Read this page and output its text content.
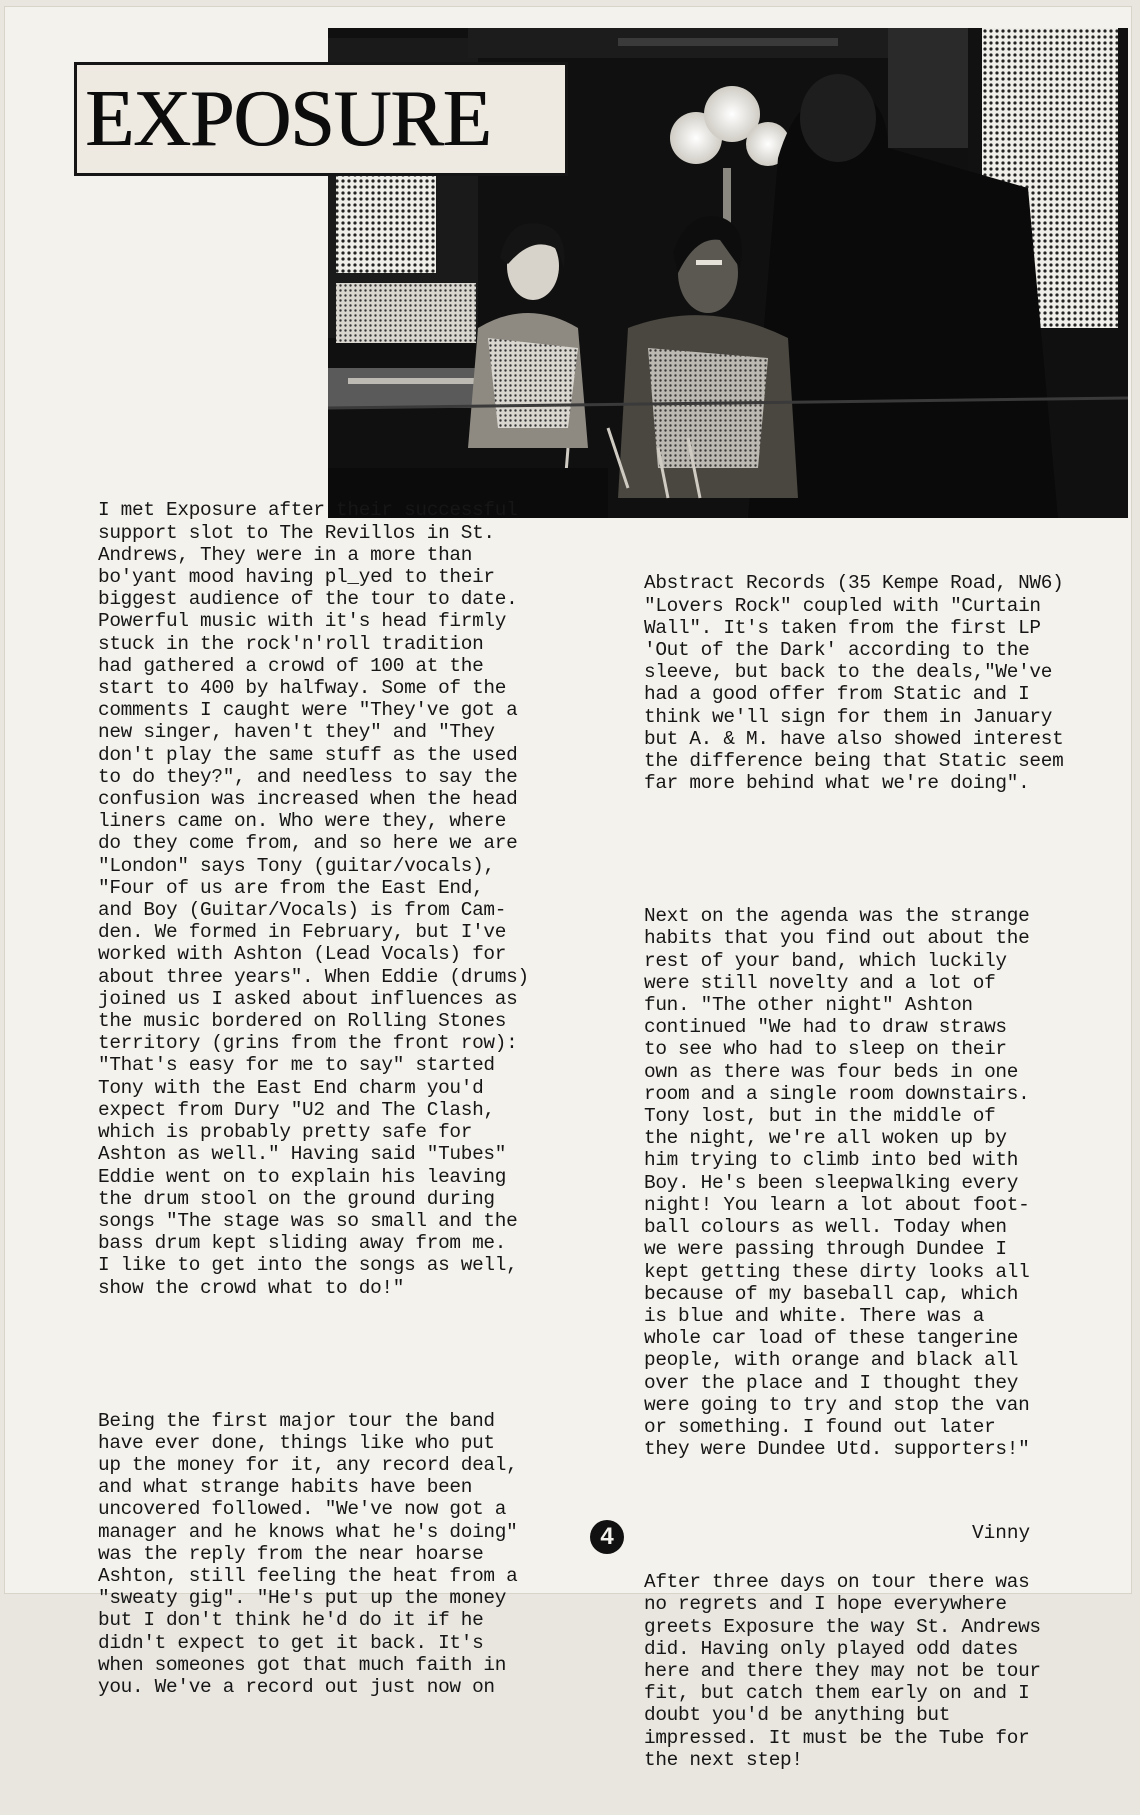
EXPOSURE

I met Exposure after their successful
support slot to The Revillos in St.
Andrews, They were in a more than
bo'yant mood having pl_yed to their
biggest audience of the tour to date.
Powerful music with it's head firmly
stuck in the rock'n'roll tradition
had gathered a crowd of 100 at the
start to 400 by halfway. Some of the
comments I caught were "They've got a
new singer, haven't they" and "They
don't play the same stuff as the used
to do they?", and needless to say the
confusion was increased when the head
liners came on. Who were they, where
do they come from, and so here we are
"London" says Tony (guitar/vocals),
"Four of us are from the East End,
and Boy (Guitar/Vocals) is from Cam-
den. We formed in February, but I've
worked with Ashton (Lead Vocals) for
about three years". When Eddie (drums)
joined us I asked about influences as
the music bordered on Rolling Stones
territory (grins from the front row):
"That's easy for me to say" started
Tony with the East End charm you'd
expect from Dury "U2 and The Clash,
which is probably pretty safe for
Ashton as well." Having said "Tubes"
Eddie went on to explain his leaving
the drum stool on the ground during
songs "The stage was so small and the
bass drum kept sliding away from me.
I like to get into the songs as well,
show the crowd what to do!"

Being the first major tour the band
have ever done, things like who put
up the money for it, any record deal,
and what strange habits have been
uncovered followed. "We've now got a
manager and he knows what he's doing"
was the reply from the near hoarse
Ashton, still feeling the heat from a
"sweaty gig". "He's put up the money
but I don't think he'd do it if he
didn't expect to get it back. It's
when someones got that much faith in
you. We've a record out just now on

Abstract Records (35 Kempe Road, NW6)
"Lovers Rock" coupled with "Curtain
Wall". It's taken from the first LP
'Out of the Dark' according to the
sleeve, but back to the deals,"We've
had a good offer from Static and I
think we'll sign for them in January
but A. & M. have also showed interest
the difference being that Static seem
far more behind what we're doing".

Next on the agenda was the strange
habits that you find out about the
rest of your band, which luckily
were still novelty and a lot of
fun. "The other night" Ashton
continued "We had to draw straws
to see who had to sleep on their
own as there was four beds in one
room and a single room downstairs.
Tony lost, but in the middle of
the night, we're all woken up by
him trying to climb into bed with
Boy. He's been sleepwalking every
night! You learn a lot about foot-
ball colours as well. Today when
we were passing through Dundee I
kept getting these dirty looks all
because of my baseball cap, which
is blue and white. There was a
whole car load of these tangerine
people, with orange and black all
over the place and I thought they
were going to try and stop the van
or something. I found out later
they were Dundee Utd. supporters!"

After three days on tour there was
no regrets and I hope everywhere
greets Exposure the way St. Andrews
did. Having only played odd dates
here and there they may not be tour
fit, but catch them early on and I
doubt you'd be anything but
impressed. It must be the Tube for
the next step!

Vinny
4
